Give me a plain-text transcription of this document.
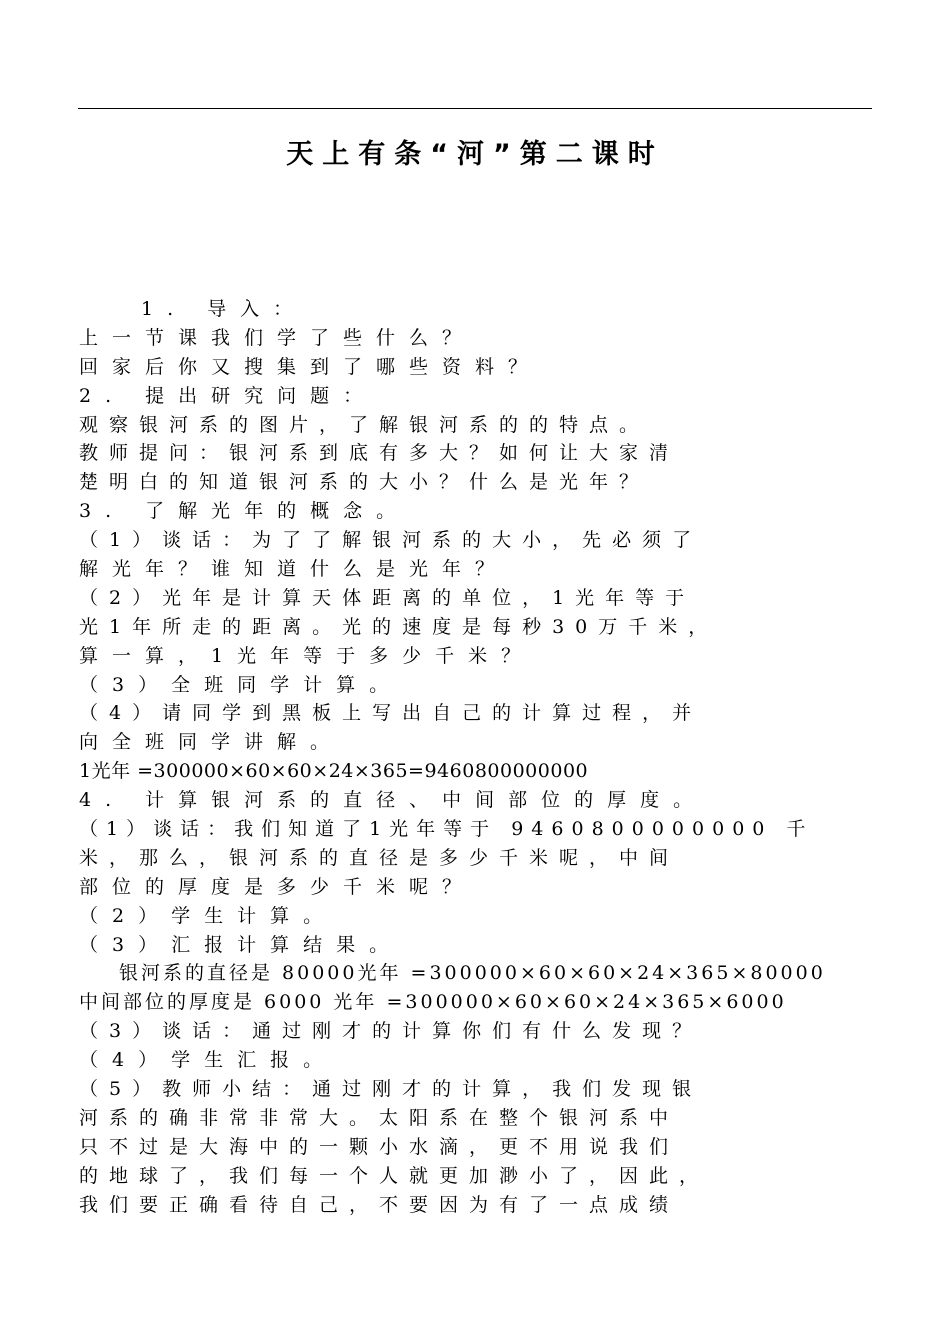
天上有条“河”第二课时
1. 导入：
上一节课我们学了些什么？
回家后你又搜集到了哪些资料？
2. 提出研究问题：
观察银河系的图片，了解银河系的的特点。
教师提问：银河系到底有多大？如何让大家清
楚明白的知道银河系的大小？什么是光年？
3. 了解光年的概念。
（1）谈话：为了了解银河系的大小，先必须了
解光年？谁知道什么是光年？
（2）光年是计算天体距离的单位，1光年等于
光1年所走的距离。光的速度是每秒30万千米，
算一算，1光年等于多少千米？
（3）全班同学计算。
（4）请同学到黑板上写出自己的计算过程，并
向全班同学讲解。
1光年 =300000×60×60×24×365=9460800000000
4. 计算银河系的直径、中间部位的厚度。
（1）谈话：我们知道了1光年等于 9460800000000 千
米，那么，银河系的直径是多少千米呢，中间
部位的厚度是多少千米呢？
（2）学生计算。
（3）汇报计算结果。
银河系的直径是 80000光年 =300000×60×60×24×365×80000
中间部位的厚度是 6000 光年 =300000×60×60×24×365×6000
（3）谈话：通过刚才的计算你们有什么发现？
（4）学生汇报。
（5）教师小结：通过刚才的计算，我们发现银
河系的确非常非常大。太阳系在整个银河系中
只不过是大海中的一颗小水滴，更不用说我们
的地球了，我们每一个人就更加渺小了，因此，
我们要正确看待自己，不要因为有了一点成绩
